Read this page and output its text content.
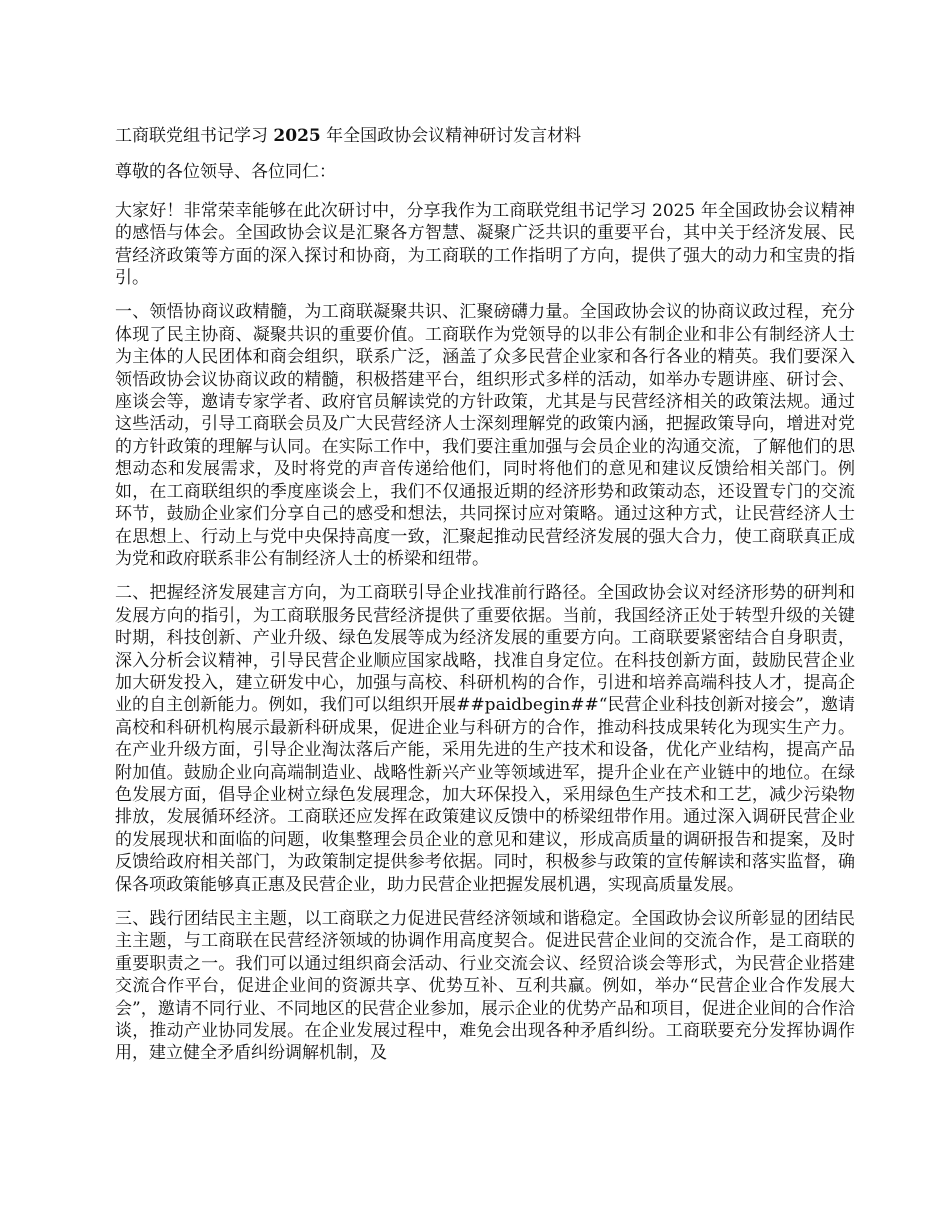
工商联党组书记学习 2025 年全国政协会议精神研讨发言材料

尊敬的各位领导、各位同仁：

大家好！非常荣幸能够在此次研讨中，分享我作为工商联党组书记学习 2025 年全国政协会议精神的感悟与体会。全国政协会议是汇聚各方智慧、凝聚广泛共识的重要平台，其中关于经济发展、民营经济政策等方面的深入探讨和协商，为工商联的工作指明了方向，提供了强大的动力和宝贵的指引。

一、领悟协商议政精髓，为工商联凝聚共识、汇聚磅礴力量。全国政协会议的协商议政过程，充分体现了民主协商、凝聚共识的重要价值。工商联作为党领导的以非公有制企业和非公有制经济人士为主体的人民团体和商会组织，联系广泛，涵盖了众多民营企业家和各行各业的精英。我们要深入领悟政协会议协商议政的精髓，积极搭建平台，组织形式多样的活动，如举办专题讲座、研讨会、座谈会等，邀请专家学者、政府官员解读党的方针政策，尤其是与民营经济相关的政策法规。通过这些活动，引导工商联会员及广大民营经济人士深刻理解党的政策内涵，把握政策导向，增进对党的方针政策的理解与认同。在实际工作中，我们要注重加强与会员企业的沟通交流，了解他们的思想动态和发展需求，及时将党的声音传递给他们，同时将他们的意见和建议反馈给相关部门。例如，在工商联组织的季度座谈会上，我们不仅通报近期的经济形势和政策动态，还设置专门的交流环节，鼓励企业家们分享自己的感受和想法，共同探讨应对策略。通过这种方式，让民营经济人士在思想上、行动上与党中央保持高度一致，汇聚起推动民营经济发展的强大合力，使工商联真正成为党和政府联系非公有制经济人士的桥梁和纽带。

二、把握经济发展建言方向，为工商联引导企业找准前行路径。全国政协会议对经济形势的研判和发展方向的指引，为工商联服务民营经济提供了重要依据。当前，我国经济正处于转型升级的关键时期，科技创新、产业升级、绿色发展等成为经济发展的重要方向。工商联要紧密结合自身职责，深入分析会议精神，引导民营企业顺应国家战略，找准自身定位。在科技创新方面，鼓励民营企业加大研发投入，建立研发中心，加强与高校、科研机构的合作，引进和培养高端科技人才，提高企业的自主创新能力。例如，我们可以组织开展##paidbegin##“民营企业科技创新对接会”，邀请高校和科研机构展示最新科研成果，促进企业与科研方的合作，推动科技成果转化为现实生产力。在产业升级方面，引导企业淘汰落后产能，采用先进的生产技术和设备，优化产业结构，提高产品附加值。鼓励企业向高端制造业、战略性新兴产业等领域进军，提升企业在产业链中的地位。在绿色发展方面，倡导企业树立绿色发展理念，加大环保投入，采用绿色生产技术和工艺，减少污染物排放，发展循环经济。工商联还应发挥在政策建议反馈中的桥梁纽带作用。通过深入调研民营企业的发展现状和面临的问题，收集整理会员企业的意见和建议，形成高质量的调研报告和提案，及时反馈给政府相关部门，为政策制定提供参考依据。同时，积极参与政策的宣传解读和落实监督，确保各项政策能够真正惠及民营企业，助力民营企业把握发展机遇，实现高质量发展。

三、践行团结民主主题，以工商联之力促进民营经济领域和谐稳定。全国政协会议所彰显的团结民主主题，与工商联在民营经济领域的协调作用高度契合。促进民营企业间的交流合作，是工商联的重要职责之一。我们可以通过组织商会活动、行业交流会议、经贸洽谈会等形式，为民营企业搭建交流合作平台，促进企业间的资源共享、优势互补、互利共赢。例如，举办“民营企业合作发展大会”，邀请不同行业、不同地区的民营企业参加，展示企业的优势产品和项目，促进企业间的合作洽谈，推动产业协同发展。在企业发展过程中，难免会出现各种矛盾纠纷。工商联要充分发挥协调作用，建立健全矛盾纠纷调解机制，及
